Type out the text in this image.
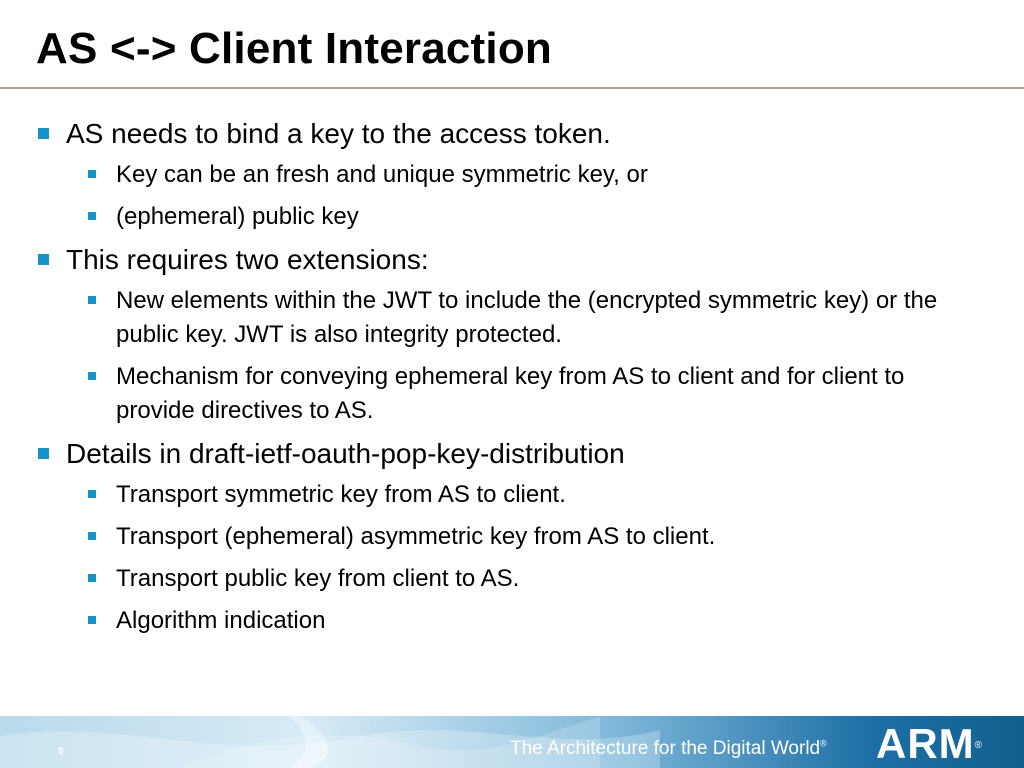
AS <-> Client Interaction
AS needs to bind a key to the access token.
Key can be an fresh and unique symmetric key, or
(ephemeral) public key
This requires two extensions:
New elements within the JWT to include the (encrypted symmetric key) or the public key. JWT is also integrity protected.
Mechanism for conveying ephemeral key from AS to client and for client to provide directives to AS.
Details in draft-ietf-oauth-pop-key-distribution
Transport symmetric key from AS to client.
Transport (ephemeral) asymmetric key from AS to client.
Transport public key from client to AS.
Algorithm indication
9	The Architecture for the Digital World® ARM®
